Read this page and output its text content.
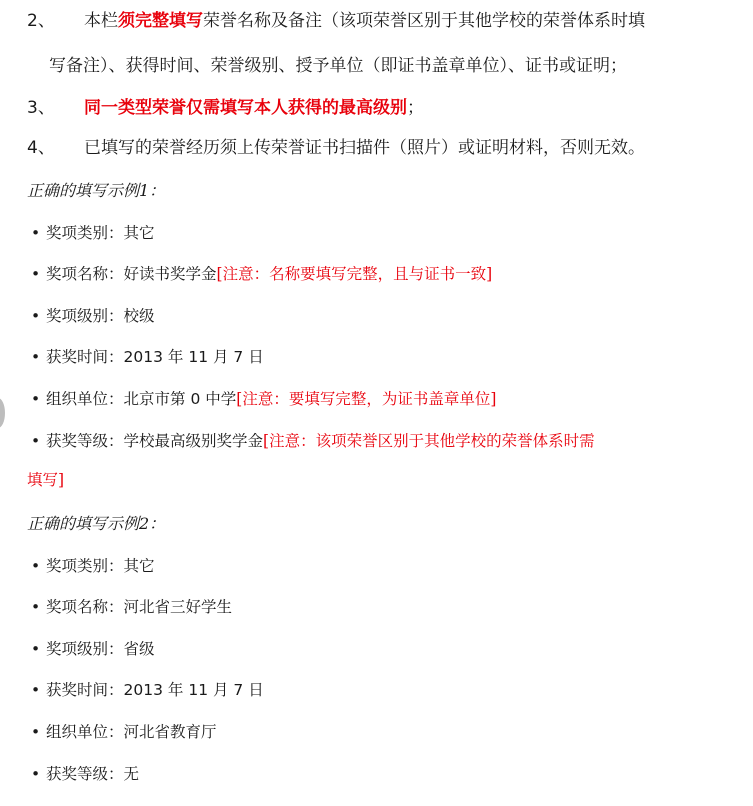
2、 本栏须完整填写荣誉名称及备注（该项荣誉区别于其他学校的荣誉体系时填
写备注）、获得时间、荣誉级别、授予单位（即证书盖章单位）、证书或证明；
3、 同一类型荣誉仅需填写本人获得的最高级别；
4、 已填写的荣誉经历须上传荣誉证书扫描件（照片）或证明材料，否则无效。
正确的填写示例1：
• 奖项类别：其它
• 奖项名称：好读书奖学金[注意：名称要填写完整，且与证书一致]
• 奖项级别：校级
• 获奖时间：2013 年 11 月 7 日
• 组织单位：北京市第 0 中学[注意：要填写完整，为证书盖章单位]
• 获奖等级：学校最高级别奖学金[注意：该项荣誉区别于其他学校的荣誉体系时需
填写]
正确的填写示例2：
• 奖项类别：其它
• 奖项名称：河北省三好学生
• 奖项级别：省级
• 获奖时间：2013 年 11 月 7 日
• 组织单位：河北省教育厅
• 获奖等级：无
